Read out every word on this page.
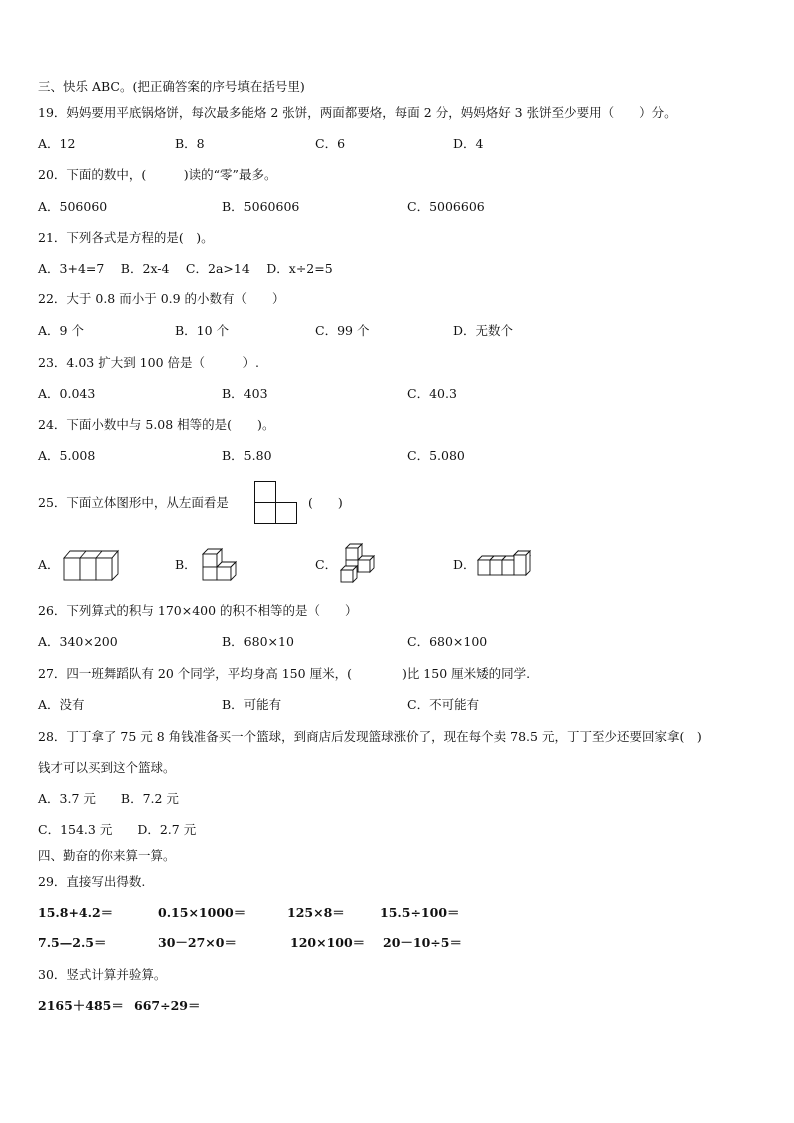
三、快乐 ABC。(把正确答案的序号填在括号里)
19．妈妈要用平底锅烙饼，每次最多能烙 2 张饼，两面都要烙，每面 2 分，妈妈烙好 3 张饼至少要用（　　）分。
A．12	B．8	C．6	D．4
20．下面的数中，(　　　)读的“零”最多。
A．506060	B．5060606	C．5006606
21．下列各式是方程的是(　)。
A．3+4=7　 B．2x-4　 C．2a>14　 D．x÷2=5
22．大于 0.8 而小于 0.9 的小数有（　　）
A．9 个	B．10 个	C．99 个	D．无数个
23．4.03 扩大到 100 倍是（　　　）.
A．0.043	B．403	C．40.3
24．下面小数中与 5.08 相等的是(　　)。
A．5.008	B．5.80	C．5.080
25．下面立体图形中，从左面看是	(　　)
A．	B．	C．	D．
26．下列算式的积与 170×400 的积不相等的是（　　）
A．340×200	B．680×10	C．680×100
27．四一班舞蹈队有 20 个同学，平均身高 150 厘米，(　　　　)比 150 厘米矮的同学.
A．没有	B．可能有	C．不可能有
28．丁丁拿了 75 元 8 角钱准备买一个篮球，到商店后发现篮球涨价了，现在每个卖 78.5 元，丁丁至少还要回家拿(　)
钱才可以买到这个篮球。
A．3.7 元　　B．7.2 元
C．154.3 元　　D．2.7 元
四、勤奋的你来算一算。
29．直接写出得数.
15.8+4.2＝	0.15×1000＝	125×8＝	15.5÷100＝
7.5—2.5＝	30－27×0＝	120×100＝ 20－10÷5＝
30．竖式计算并验算。
2165＋485＝ 667÷29＝
